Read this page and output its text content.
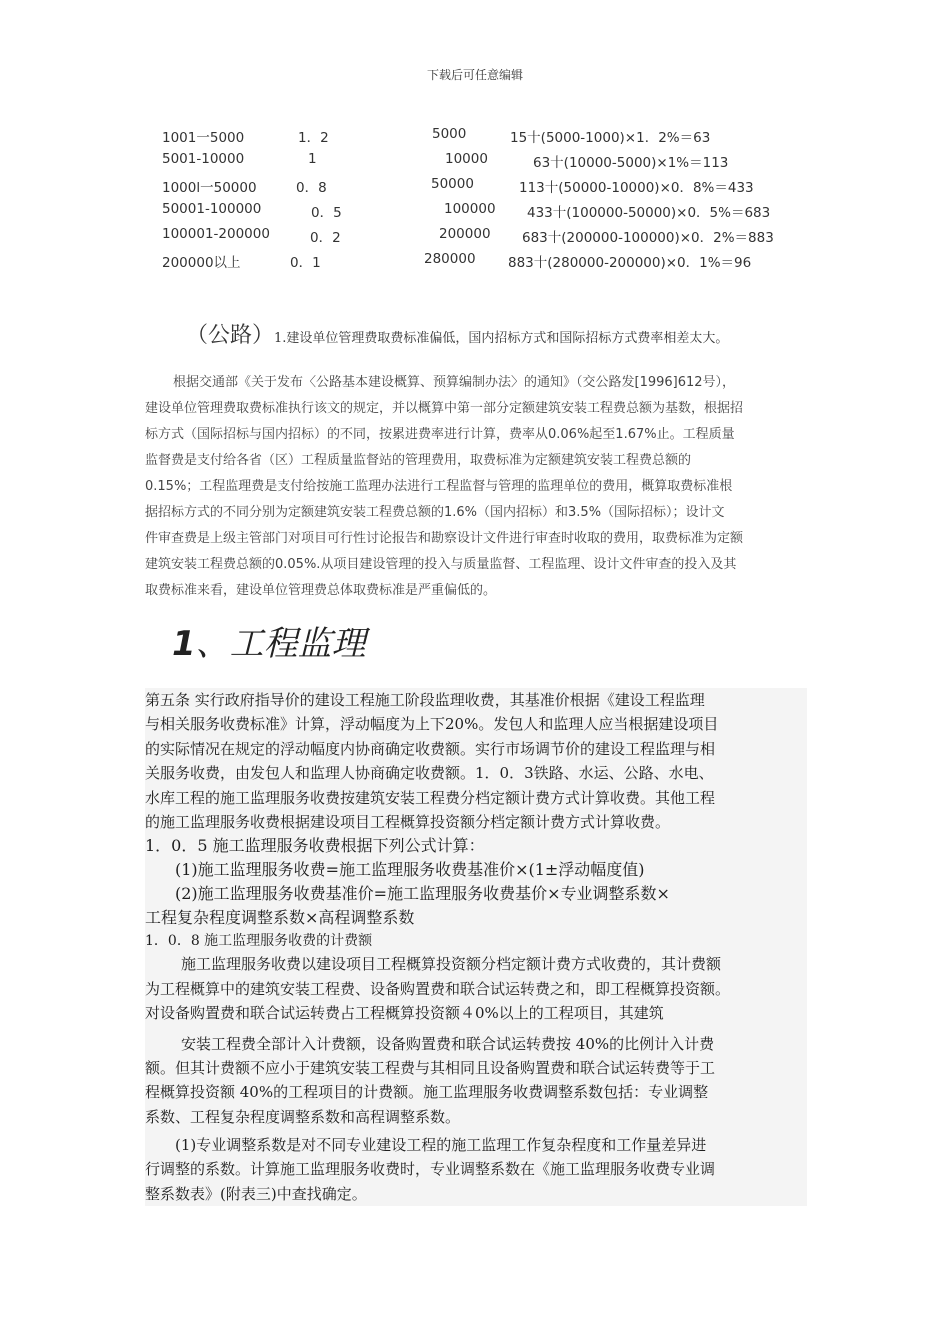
下载后可任意编辑
1001一5000	1．2	5000	15十(5000-1000)×1．2%＝63
5001-10000	1	10000	63十(10000-5000)×1%＝113
1000l一50000	0．8	50000	113十(50000-10000)×0．8%＝433
50001-100000	0．5	100000 433十(100000-50000)×0．5%＝683
100001-200000	0．2	200000 683十(200000-100000)×0．2%＝883
200000以上	0．1	280000 883十(280000-200000)×0．1%＝96
（公路）1.建设单位管理费取费标准偏低，国内招标方式和国际招标方式费率相差太大。
根据交通部《关于发布〈公路基本建设概算、预算编制办法〉的通知》（交公路发[1996]612号），
建设单位管理费取费标准执行该文的规定，并以概算中第一部分定额建筑安装工程费总额为基数，根据招
标方式（国际招标与国内招标）的不同，按累进费率进行计算，费率从0.06%起至1.67%止。工程质量
监督费是支付给各省（区）工程质量监督站的管理费用，取费标准为定额建筑安装工程费总额的
0.15%；工程监理费是支付给按施工监理办法进行工程监督与管理的监理单位的费用，概算取费标准根
据招标方式的不同分别为定额建筑安装工程费总额的1.6%（国内招标）和3.5%（国际招标）；设计文
件审查费是上级主管部门对项目可行性讨论报告和勘察设计文件进行审查时收取的费用，取费标准为定额
建筑安装工程费总额的0.05%.从项目建设管理的投入与质量监督、工程监理、设计文件审查的投入及其
取费标准来看，建设单位管理费总体取费标准是严重偏低的。
1、工程监理
第五条 实行政府指导价的建设工程施工阶段监理收费，其基准价根据《建设工程监理
与相关服务收费标准》计算，浮动幅度为上下20%。发包人和监理人应当根据建设项目
的实际情况在规定的浮动幅度内协商确定收费额。实行市场调节价的建设工程监理与相
关服务收费，由发包人和监理人协商确定收费额。1．0．3铁路、水运、公路、水电、
水库工程的施工监理服务收费按建筑安装工程费分档定额计费方式计算收费。其他工程
的施工监理服务收费根据建设项目工程概算投资额分档定额计费方式计算收费。
1．0．5 施工监理服务收费根据下列公式计算：
(1)施工监理服务收费=施工监理服务收费基准价×(1±浮动幅度值)
(2)施工监理服务收费基准价=施工监理服务收费基价×专业调整系数×
工程复杂程度调整系数×高程调整系数
1．0．8 施工监理服务收费的计费额
施工监理服务收费以建设项目工程概算投资额分档定额计费方式收费的，其计费额
为工程概算中的建筑安装工程费、设备购置费和联合试运转费之和，即工程概算投资额。
对设备购置费和联合试运转费占工程概算投资额４0%以上的工程项目，其建筑
安装工程费全部计入计费额，设备购置费和联合试运转费按 40%的比例计入计费
额。但其计费额不应小于建筑安装工程费与其相同且设备购置费和联合试运转费等于工
程概算投资额 40%的工程项目的计费额。施工监理服务收费调整系数包括：专业调整
系数、工程复杂程度调整系数和高程调整系数。
(1)专业调整系数是对不同专业建设工程的施工监理工作复杂程度和工作量差异进
行调整的系数。计算施工监理服务收费时，专业调整系数在《施工监理服务收费专业调
整系数表》(附表三)中查找确定。
